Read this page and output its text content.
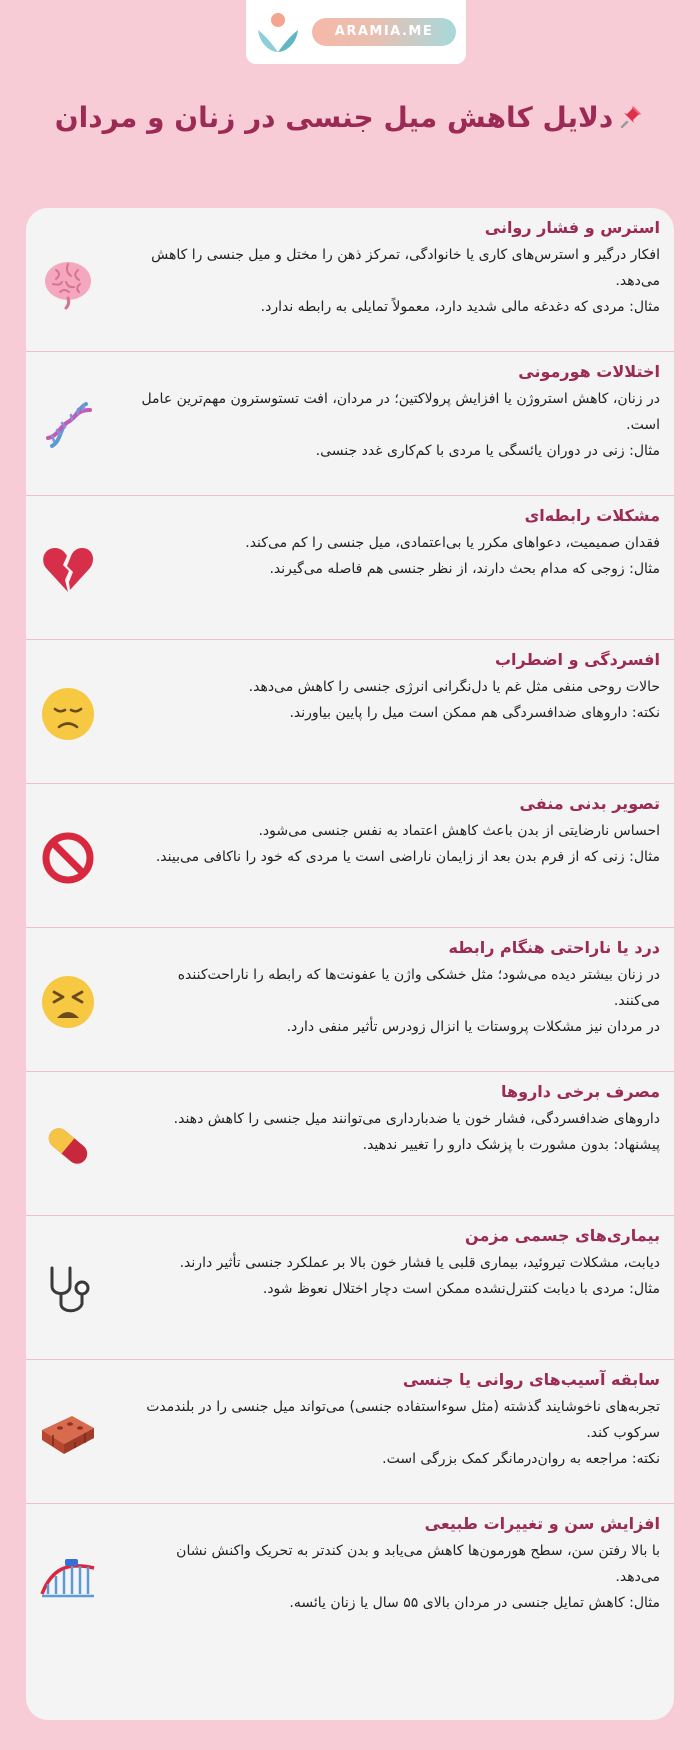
ARAMIA.ME
دلایل کاهش میل جنسی در زنان و مردان
استرس و فشار روانی
افکار درگیر و استرس‌های کاری یا خانوادگی، تمرکز ذهن را مختل و میل جنسی را کاهش می‌دهد.
مثال: مردی که دغدغه مالی شدید دارد، معمولاً تمایلی به رابطه ندارد.
اختلالات هورمونی
در زنان، کاهش استروژن یا افزایش پرولاکتین؛ در مردان، افت تستوسترون مهم‌ترین عامل است.
مثال: زنی در دوران یائسگی یا مردی با کم‌کاری غدد جنسی.
مشکلات رابطه‌ای
فقدان صمیمیت، دعواهای مکرر یا بی‌اعتمادی، میل جنسی را کم می‌کند.
مثال: زوجی که مدام بحث دارند، از نظر جنسی هم فاصله می‌گیرند.
افسردگی و اضطراب
حالات روحی منفی مثل غم یا دل‌نگرانی انرژی جنسی را کاهش می‌دهد.
نکته: داروهای ضدافسردگی هم ممکن است میل را پایین بیاورند.
تصویر بدنی منفی
احساس نارضایتی از بدن باعث کاهش اعتماد به نفس جنسی می‌شود.
مثال: زنی که از فرم بدن بعد از زایمان ناراضی است یا مردی که خود را ناکافی می‌بیند.
درد یا ناراحتی هنگام رابطه
در زنان بیشتر دیده می‌شود؛ مثل خشکی واژن یا عفونت‌ها که رابطه را ناراحت‌کننده می‌کنند.
در مردان نیز مشکلات پروستات یا انزال زودرس تأثیر منفی دارد.
مصرف برخی داروها
داروهای ضدافسردگی، فشار خون یا ضدبارداری می‌توانند میل جنسی را کاهش دهند.
پیشنهاد: بدون مشورت با پزشک دارو را تغییر ندهید.
بیماری‌های جسمی مزمن
دیابت، مشکلات تیروئید، بیماری قلبی یا فشار خون بالا بر عملکرد جنسی تأثیر دارند.
مثال: مردی با دیابت کنترل‌نشده ممکن است دچار اختلال نعوظ شود.
سابقه آسیب‌های روانی یا جنسی
تجربه‌های ناخوشایند گذشته (مثل سوءاستفاده جنسی) می‌تواند میل جنسی را در بلندمدت سرکوب کند.
نکته: مراجعه به روان‌درمانگر کمک بزرگی است.
افزایش سن و تغییرات طبیعی
با بالا رفتن سن، سطح هورمون‌ها کاهش می‌یابد و بدن کندتر به تحریک واکنش نشان می‌دهد.
مثال: کاهش تمایل جنسی در مردان بالای ۵۵ سال یا زنان یائسه.
